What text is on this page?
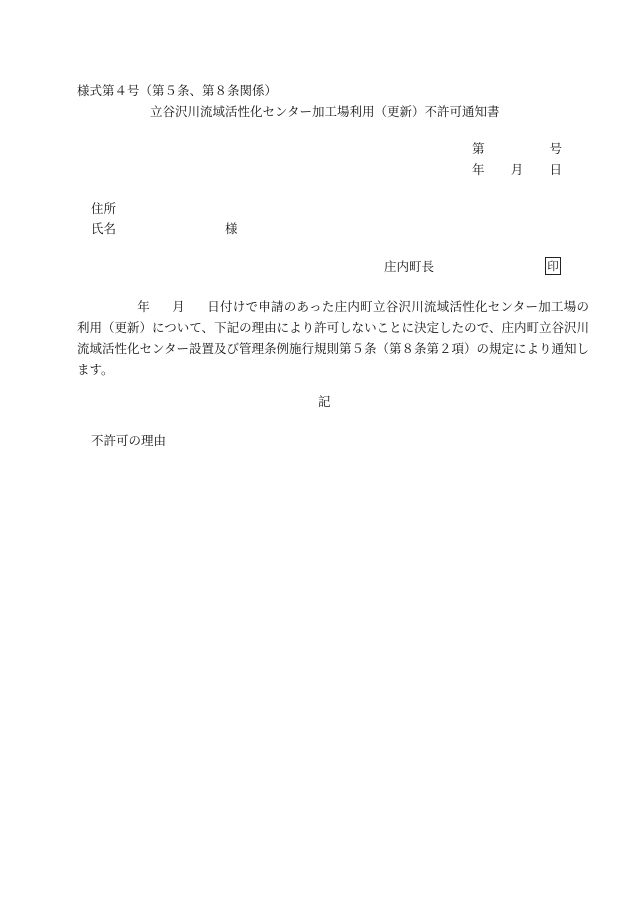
様式第４号（第５条、第８条関係）
立谷沢川流域活性化センター加工場利用（更新）不許可通知書
第	号
年 月 日
住所
氏名	様
庄内町長	印
年 月 日付けで申請のあった庄内町立谷沢川流域活性化センター加工場の利用（更新）について、下記の理由により許可しないことに決定したので、庄内町立谷沢川流域活性化センター設置及び管理条例施行規則第５条（第８条第２項）の規定により通知します。
記
不許可の理由
